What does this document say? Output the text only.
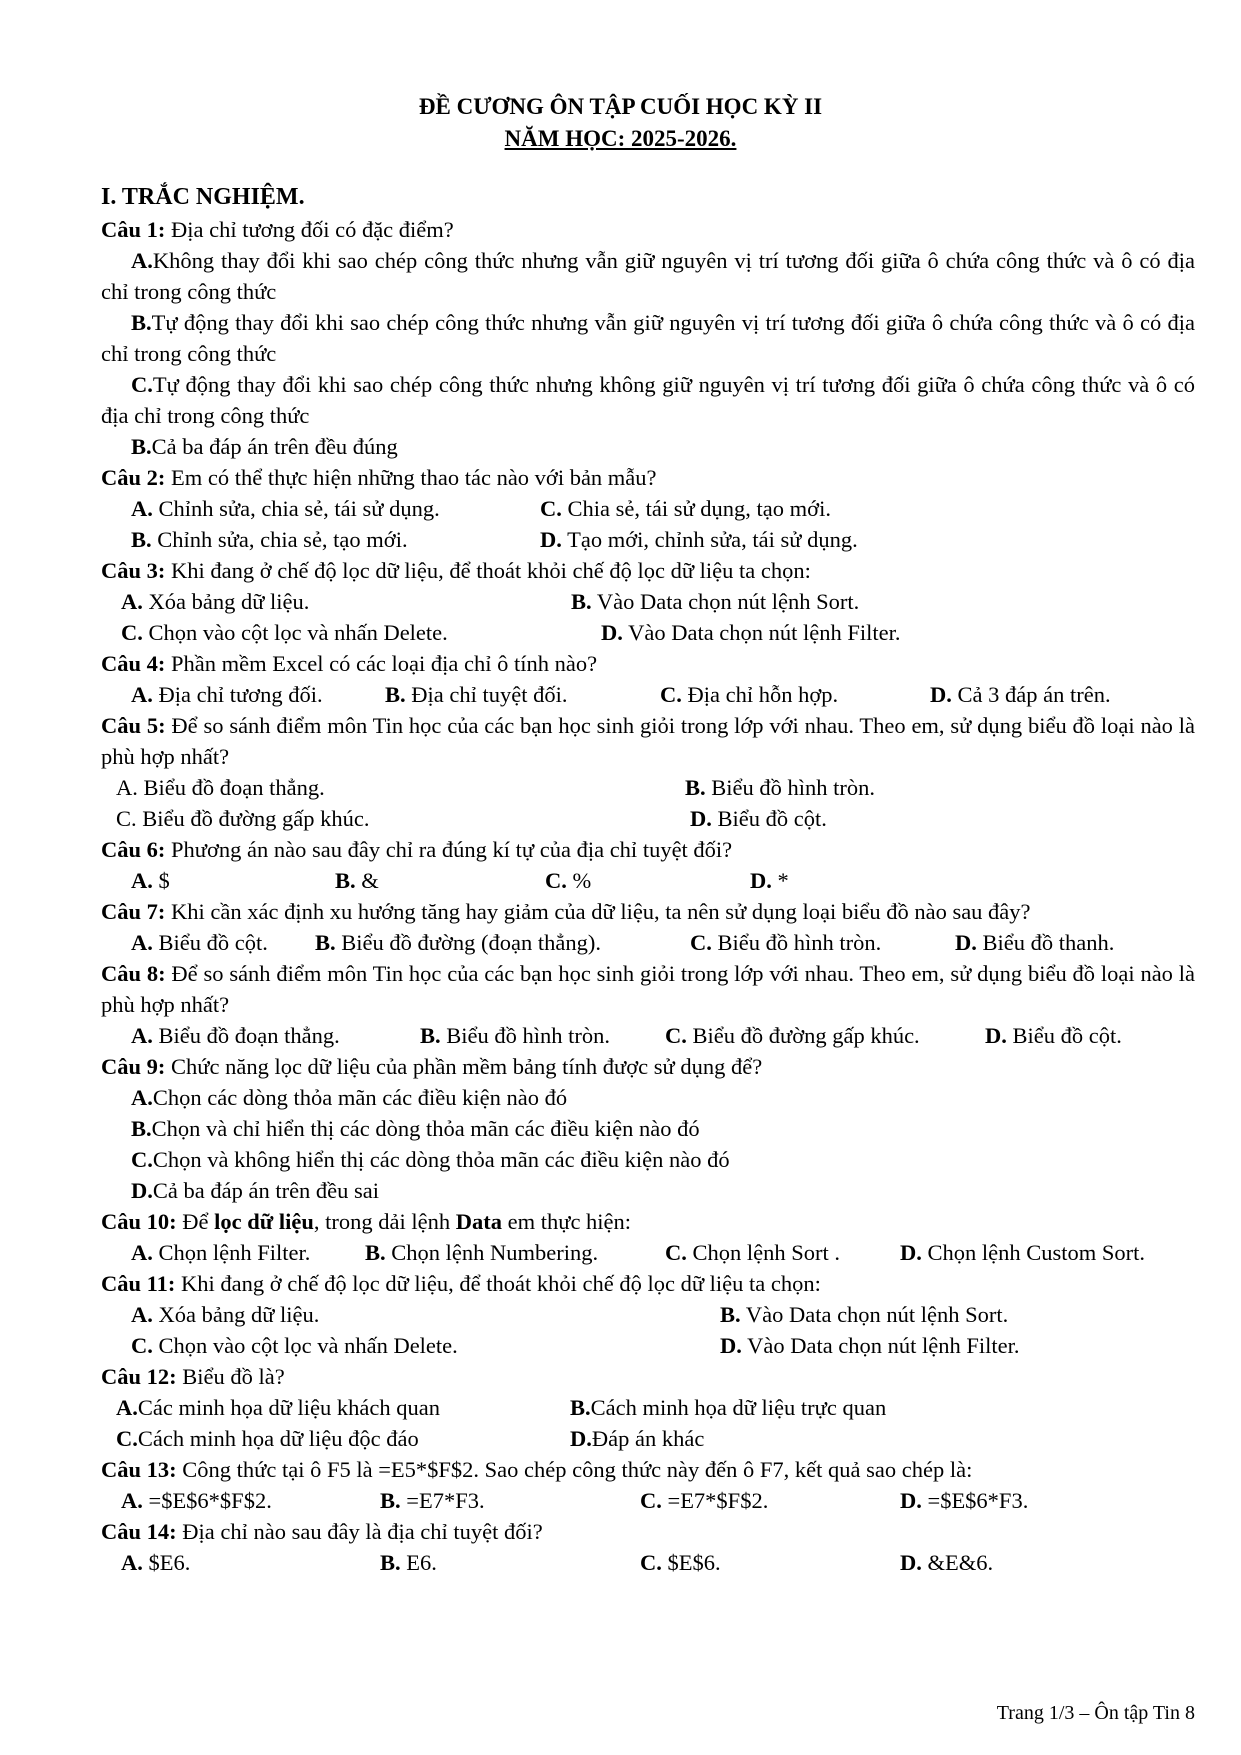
ĐỀ CƯƠNG ÔN TẬP CUỐI HỌC KỲ II
NĂM HỌC: 2025-2026.
I. TRẮC NGHIỆM.
Câu 1: Địa chỉ tương đối có đặc điểm?
A.Không thay đổi khi sao chép công thức nhưng vẫn giữ nguyên vị trí tương đối giữa ô chứa công thức và ô có địa chỉ trong công thức
B.Tự động thay đổi khi sao chép công thức nhưng vẫn giữ nguyên vị trí tương đối giữa ô chứa công thức và ô có địa chỉ trong công thức
C.Tự động thay đổi khi sao chép công thức nhưng không giữ nguyên vị trí tương đối giữa ô chứa công thức và ô có địa chỉ trong công thức
B.Cả ba đáp án trên đều đúng
Câu 2: Em có thể thực hiện những thao tác nào với bản mẫu?
A. Chỉnh sửa, chia sẻ, tái sử dụng.	C. Chia sẻ, tái sử dụng, tạo mới.
B. Chỉnh sửa, chia sẻ, tạo mới.	D. Tạo mới, chỉnh sửa, tái sử dụng.
Câu 3: Khi đang ở chế độ lọc dữ liệu, để thoát khỏi chế độ lọc dữ liệu ta chọn:
A. Xóa bảng dữ liệu.	B. Vào Data chọn nút lệnh Sort.
C. Chọn vào cột lọc và nhấn Delete.	D. Vào Data chọn nút lệnh Filter.
Câu 4: Phần mềm Excel có các loại địa chỉ ô tính nào?
A. Địa chỉ tương đối.	B. Địa chỉ tuyệt đối.	C. Địa chỉ hỗn hợp.	D. Cả 3 đáp án trên.
Câu 5: Để so sánh điểm môn Tin học của các bạn học sinh giỏi trong lớp với nhau. Theo em, sử dụng biểu đồ loại nào là phù hợp nhất?
A. Biểu đồ đoạn thẳng.	B. Biểu đồ hình tròn.
C. Biểu đồ đường gấp khúc.	D. Biểu đồ cột.
Câu 6: Phương án nào sau đây chỉ ra đúng kí tự của địa chỉ tuyệt đối?
A. $	B. &	C. %	D. *
Câu 7: Khi cần xác định xu hướng tăng hay giảm của dữ liệu, ta nên sử dụng loại biểu đồ nào sau đây?
A. Biểu đồ cột. B. Biểu đồ đường (đoạn thẳng).	C. Biểu đồ hình tròn.	D. Biểu đồ thanh.
Câu 8: Để so sánh điểm môn Tin học của các bạn học sinh giỏi trong lớp với nhau. Theo em, sử dụng biểu đồ loại nào là phù hợp nhất?
A. Biểu đồ đoạn thẳng.	B. Biểu đồ hình tròn. C. Biểu đồ đường gấp khúc.	D. Biểu đồ cột.
Câu 9: Chức năng lọc dữ liệu của phần mềm bảng tính được sử dụng để?
A.Chọn các dòng thỏa mãn các điều kiện nào đó
B.Chọn và chỉ hiển thị các dòng thỏa mãn các điều kiện nào đó
C.Chọn và không hiển thị các dòng thỏa mãn các điều kiện nào đó
D.Cả ba đáp án trên đều sai
Câu 10: Để lọc dữ liệu, trong dải lệnh Data em thực hiện:
A. Chọn lệnh Filter. B. Chọn lệnh Numbering.	C. Chọn lệnh Sort .	D. Chọn lệnh Custom Sort.
Câu 11: Khi đang ở chế độ lọc dữ liệu, để thoát khỏi chế độ lọc dữ liệu ta chọn:
A. Xóa bảng dữ liệu.	B. Vào Data chọn nút lệnh Sort.
C. Chọn vào cột lọc và nhấn Delete.	D. Vào Data chọn nút lệnh Filter.
Câu 12: Biểu đồ là?
A.Các minh họa dữ liệu khách quan	B.Cách minh họa dữ liệu trực quan
C.Cách minh họa dữ liệu độc đáo	D.Đáp án khác
Câu 13: Công thức tại ô F5 là =E5*$F$2. Sao chép công thức này đến ô F7, kết quả sao chép là:
A. =$E$6*$F$2.	B. =E7*F3.	C. =E7*$F$2.	D. =$E$6*F3.
Câu 14: Địa chỉ nào sau đây là địa chỉ tuyệt đối?
A. $E6.	B. E6.	C. $E$6.	D. &E&6.
Trang 1/3 – Ôn tập Tin 8
